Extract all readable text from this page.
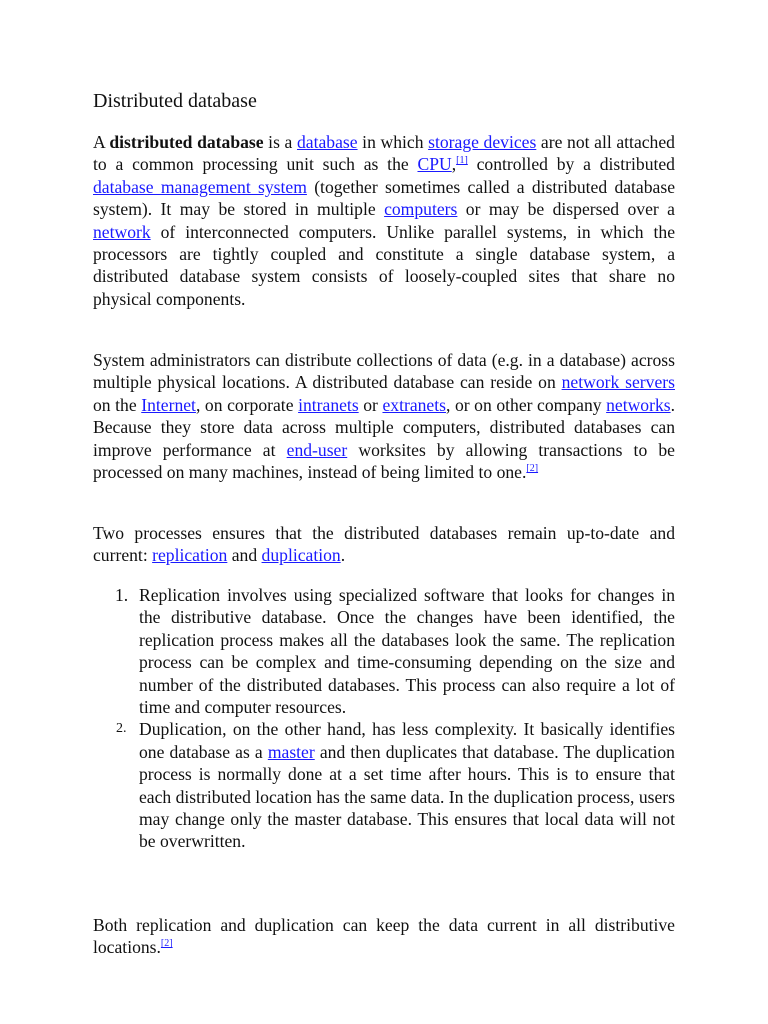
Distributed database

A distributed database is a database in which storage devices are not all attached to a common processing unit such as the CPU,[1] controlled by a distributed database management system (together sometimes called a distributed database system). It may be stored in multiple computers or may be dispersed over a network of interconnected computers. Unlike parallel systems, in which the processors are tightly coupled and constitute a single database system, a distributed database system consists of loosely-coupled sites that share no physical components.

System administrators can distribute collections of data (e.g. in a database) across multiple physical locations. A distributed database can reside on network servers on the Internet, on corporate intranets or extranets, or on other company networks. Because they store data across multiple computers, distributed databases can improve performance at end-user worksites by allowing transactions to be processed on many machines, instead of being limited to one.[2]

Two processes ensures that the distributed databases remain up-to-date and current: replication and duplication.

1. Replication involves using specialized software that looks for changes in the distributive database. Once the changes have been identified, the replication process makes all the databases look the same. The replication process can be complex and time-consuming depending on the size and number of the distributed databases. This process can also require a lot of time and computer resources.
2. Duplication, on the other hand, has less complexity. It basically identifies one database as a master and then duplicates that database. The duplication process is normally done at a set time after hours. This is to ensure that each distributed location has the same data. In the duplication process, users may change only the master database. This ensures that local data will not be overwritten.

Both replication and duplication can keep the data current in all distributive locations.[2]
